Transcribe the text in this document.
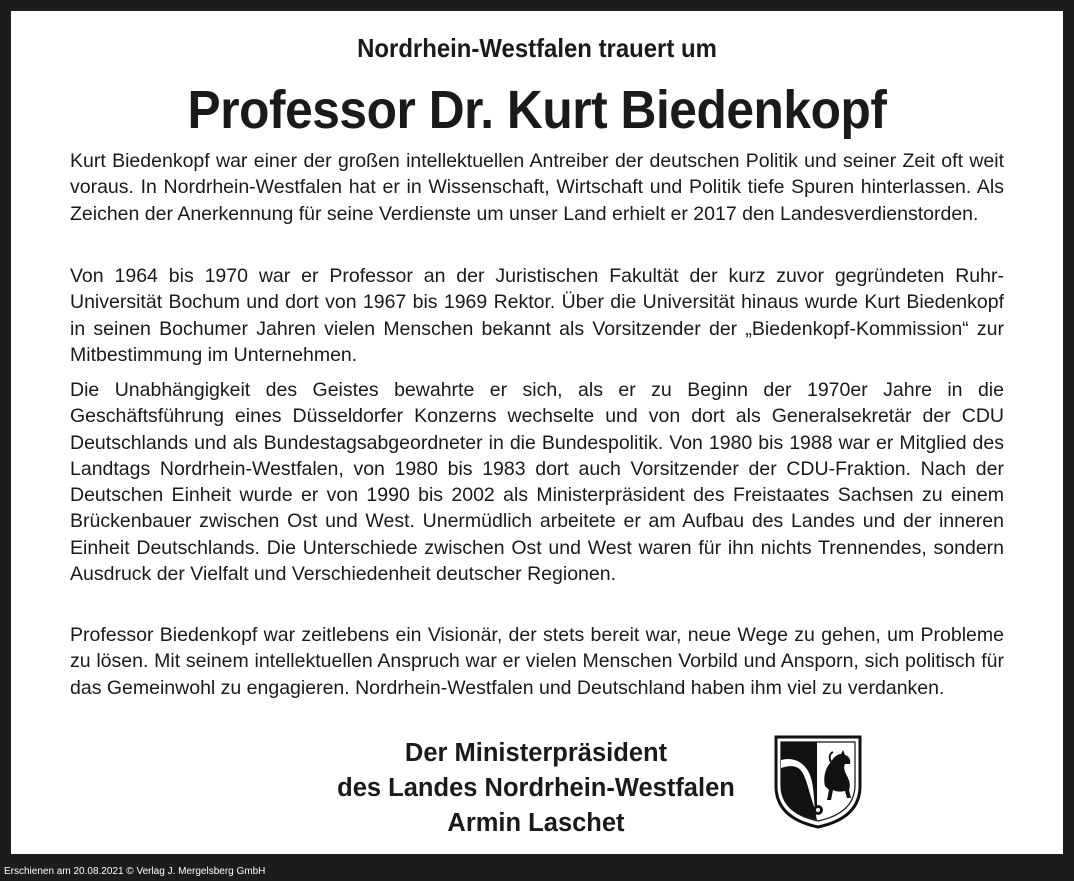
Nordrhein-Westfalen trauert um
Professor Dr. Kurt Biedenkopf
Kurt Biedenkopf war einer der großen intellektuellen Antreiber der deutschen Politik und seiner Zeit oft weit voraus. In Nordrhein-Westfalen hat er in Wissenschaft, Wirtschaft und Politik tiefe Spuren hinterlassen. Als Zeichen der Anerkennung für seine Verdienste um unser Land erhielt er 2017 den Landesverdienstorden.
Von 1964 bis 1970 war er Professor an der Juristischen Fakultät der kurz zuvor gegründeten Ruhr-Universität Bochum und dort von 1967 bis 1969 Rektor. Über die Universität hinaus wurde Kurt Biedenkopf in seinen Bochumer Jahren vielen Menschen bekannt als Vorsitzender der „Biedenkopf-Kommission“ zur Mitbestimmung im Unternehmen.
Die Unabhängigkeit des Geistes bewahrte er sich, als er zu Beginn der 1970er Jahre in die Geschäftsführung eines Düsseldorfer Konzerns wechselte und von dort als Generalsekretär der CDU Deutschlands und als Bundestagsabgeordneter in die Bundespolitik. Von 1980 bis 1988 war er Mitglied des Landtags Nordrhein-Westfalen, von 1980 bis 1983 dort auch Vorsitzender der CDU-Fraktion. Nach der Deutschen Einheit wurde er von 1990 bis 2002 als Ministerpräsident des Freistaates Sachsen zu einem Brückenbauer zwischen Ost und West. Unermüdlich arbeitete er am Aufbau des Landes und der inneren Einheit Deutschlands. Die Unterschiede zwischen Ost und West waren für ihn nichts Trennendes, sondern Ausdruck der Vielfalt und Verschiedenheit deutscher Regionen.
Professor Biedenkopf war zeitlebens ein Visionär, der stets bereit war, neue Wege zu gehen, um Probleme zu lösen. Mit seinem intellektuellen Anspruch war er vielen Menschen Vorbild und Ansporn, sich politisch für das Gemeinwohl zu engagieren. Nordrhein-Westfalen und Deutschland haben ihm viel zu verdanken.
Der Ministerpräsident
des Landes Nordrhein-Westfalen
Armin Laschet
Erschienen am 20.08.2021 © Verlag J. Mergelsberg GmbH
